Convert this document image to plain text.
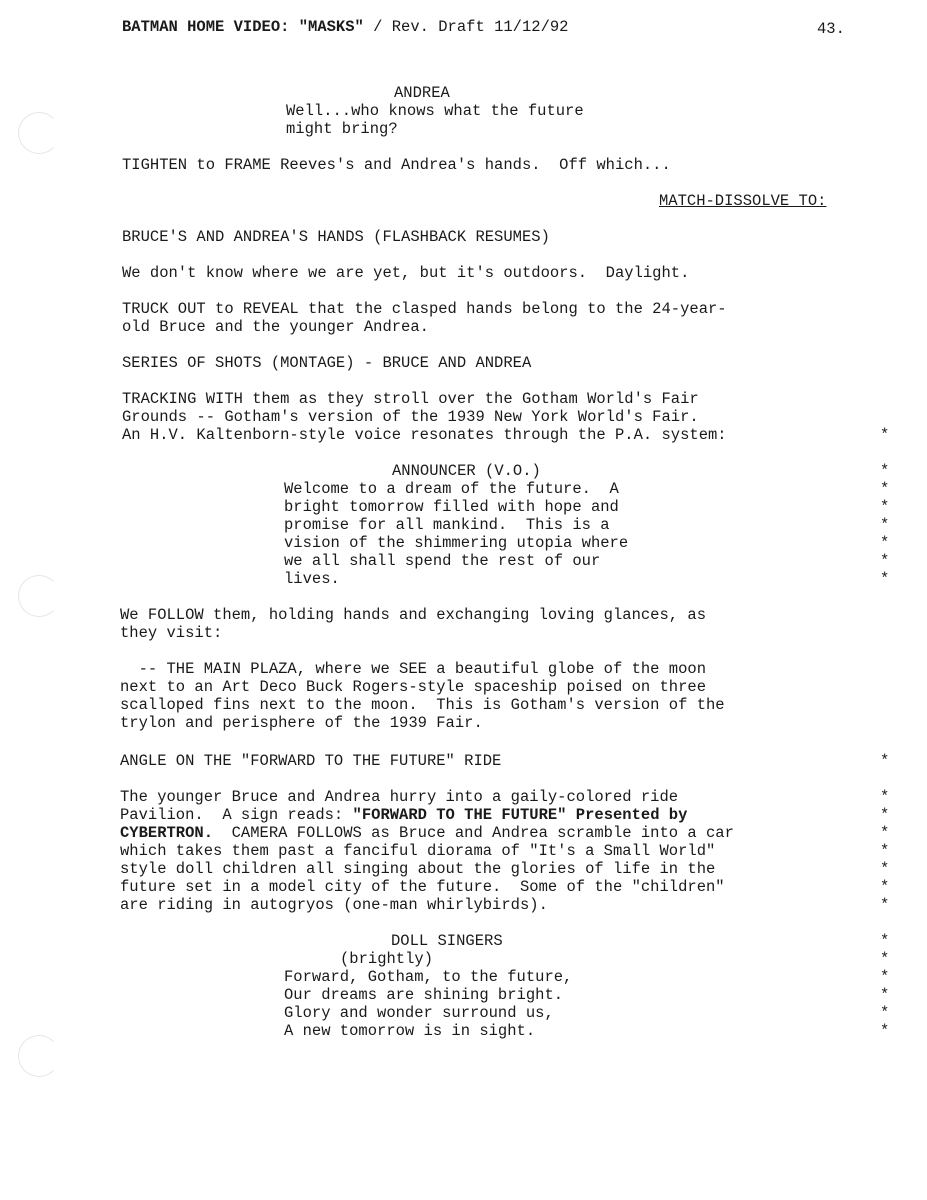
BATMAN HOME VIDEO: "MASKS" / Rev. Draft 11/12/92	43.
ANDREA
Well...who knows what the future
might bring?
TIGHTEN to FRAME Reeves's and Andrea's hands.  Off which...
MATCH-DISSOLVE TO:
BRUCE'S AND ANDREA'S HANDS (FLASHBACK RESUMES)
We don't know where we are yet, but it's outdoors.  Daylight.
TRUCK OUT to REVEAL that the clasped hands belong to the 24-year-
old Bruce and the younger Andrea.
SERIES OF SHOTS (MONTAGE) - BRUCE AND ANDREA
TRACKING WITH them as they stroll over the Gotham World's Fair
Grounds -- Gotham's version of the 1939 New York World's Fair.
An H.V. Kaltenborn-style voice resonates through the P.A. system:
ANNOUNCER (V.O.)
Welcome to a dream of the future.  A
bright tomorrow filled with hope and
promise for all mankind.  This is a
vision of the shimmering utopia where
we all shall spend the rest of our
lives.
We FOLLOW them, holding hands and exchanging loving glances, as
they visit:
-- THE MAIN PLAZA, where we SEE a beautiful globe of the moon
next to an Art Deco Buck Rogers-style spaceship poised on three
scalloped fins next to the moon.  This is Gotham's version of the
trylon and perisphere of the 1939 Fair.
ANGLE ON THE "FORWARD TO THE FUTURE" RIDE
The younger Bruce and Andrea hurry into a gaily-colored ride
Pavilion.  A sign reads: "FORWARD TO THE FUTURE" Presented by
CYBERTRON.  CAMERA FOLLOWS as Bruce and Andrea scramble into a car
which takes them past a fanciful diorama of "It's a Small World"
style doll children all singing about the glories of life in the
future set in a model city of the future.  Some of the "children"
are riding in autogryos (one-man whirlybirds).
DOLL SINGERS
(brightly)
Forward, Gotham, to the future,
Our dreams are shining bright.
Glory and wonder surround us,
A new tomorrow is in sight.
*
*
*
*
*
*
*
*
*
*
*
*
*
*
*
*
*
*
*
*
*
*
